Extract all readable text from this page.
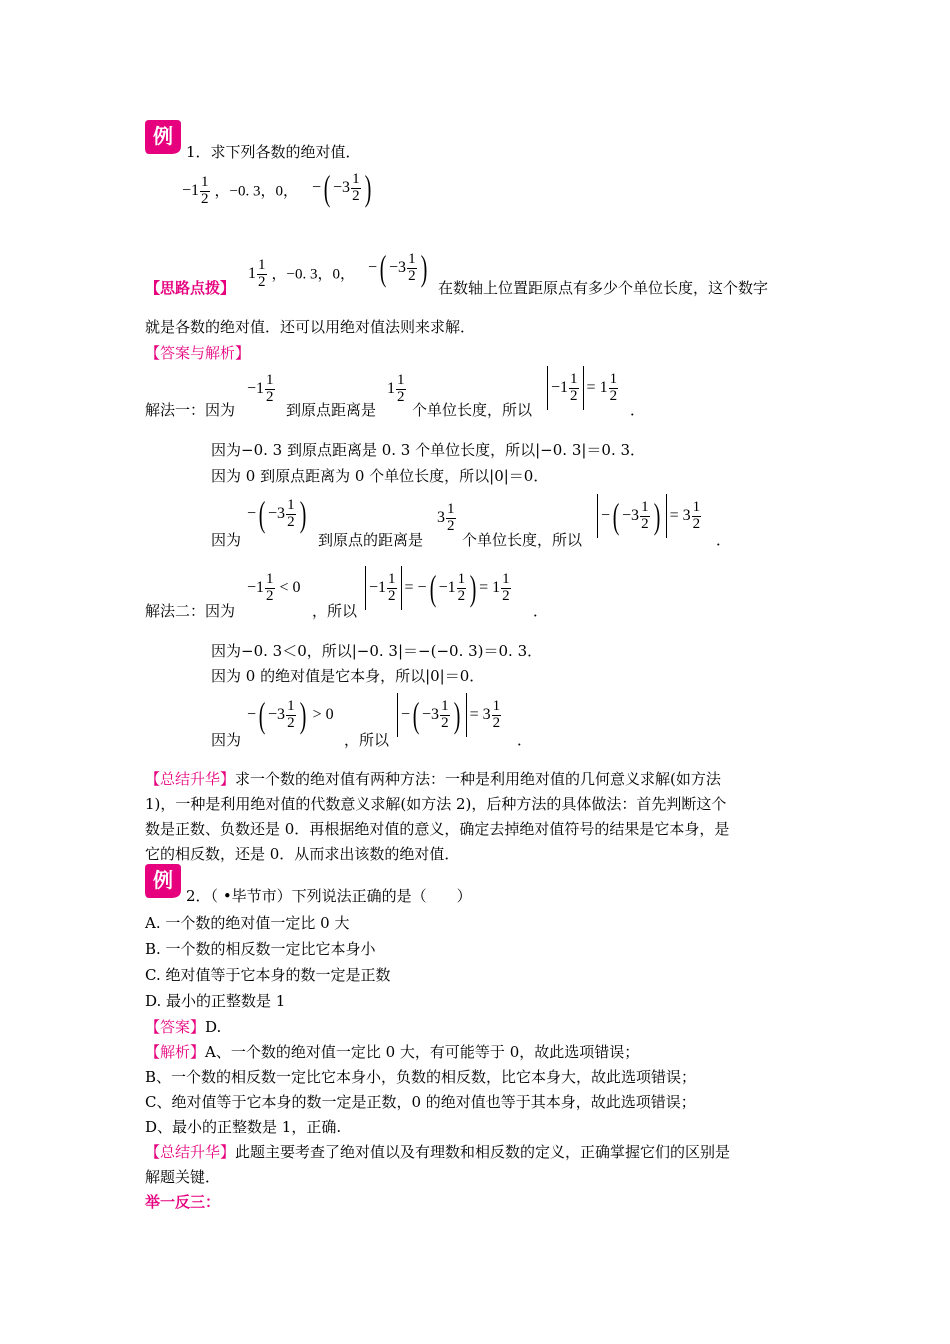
例
1．求下列各数的绝对值．
$-1 \frac{1}{2}$ ，−0. 3，0， − ( $-3 \frac{1}{2}$ )
【思路点拨】
$1 \frac{1}{2}$ ，−0. 3，0， − ( $-3 \frac{1}{2}$ ) 在数轴上位置距原点有多少个单位长度，这个数字
就是各数的绝对值．还可以用绝对值法则来求解．
【答案与解析】
解法一：因为
$-1 \frac{1}{2}$
到原点距离是
$1 \frac{1}{2}$
个单位长度，所以
$-1 \frac{1}{2}$ =
$1 \frac{1}{2}$
．
因为−0. 3 到原点距离是 0. 3 个单位长度，所以|−0. 3|＝0. 3．
因为 0 到原点距离为 0 个单位长度，所以|0|＝0．
因为
− ( $-3 \frac{1}{2}$ )
到原点的距离是
$3 \frac{1}{2}$
个单位长度，所以
− ( $-3 \frac{1}{2}$ ) =
$3 \frac{1}{2}$
．
解法二：因为
$-1 \frac{1}{2}$
< 0
，所以
$-1 \frac{1}{2}$ = − ( $-1 \frac{1}{2}$ ) =
$1 \frac{1}{2}$
．
因为−0. 3＜0，所以|−0. 3|＝−(−0. 3)＝0. 3．
因为 0 的绝对值是它本身，所以|0|＝0．
因为
− ( $-3 \frac{1}{2}$ )
> 0
，所以
− ( $-3 \frac{1}{2}$ ) =
$3 \frac{1}{2}$
．
【总结升华】求一个数的绝对值有两种方法：一种是利用绝对值的几何意义求解(如方法
1)，一种是利用绝对值的代数意义求解(如方法 2)，后种方法的具体做法：首先判断这个
数是正数、负数还是 0．再根据绝对值的意义，确定去掉绝对值符号的结果是它本身，是
它的相反数，还是 0．从而求出该数的绝对值．
例
2．（ •毕节市）下列说法正确的是（　　）
A. 一个数的绝对值一定比 0 大
B. 一个数的相反数一定比它本身小
C. 绝对值等于它本身的数一定是正数
D. 最小的正整数是 1
【答案】D.
【解析】A、一个数的绝对值一定比 0 大，有可能等于 0，故此选项错误；
B、一个数的相反数一定比它本身小，负数的相反数，比它本身大，故此选项错误；
C、绝对值等于它本身的数一定是正数，0 的绝对值也等于其本身，故此选项错误；
D、最小的正整数是 1，正确.
【总结升华】此题主要考查了绝对值以及有理数和相反数的定义，正确掌握它们的区别是
解题关键．
举一反三：
